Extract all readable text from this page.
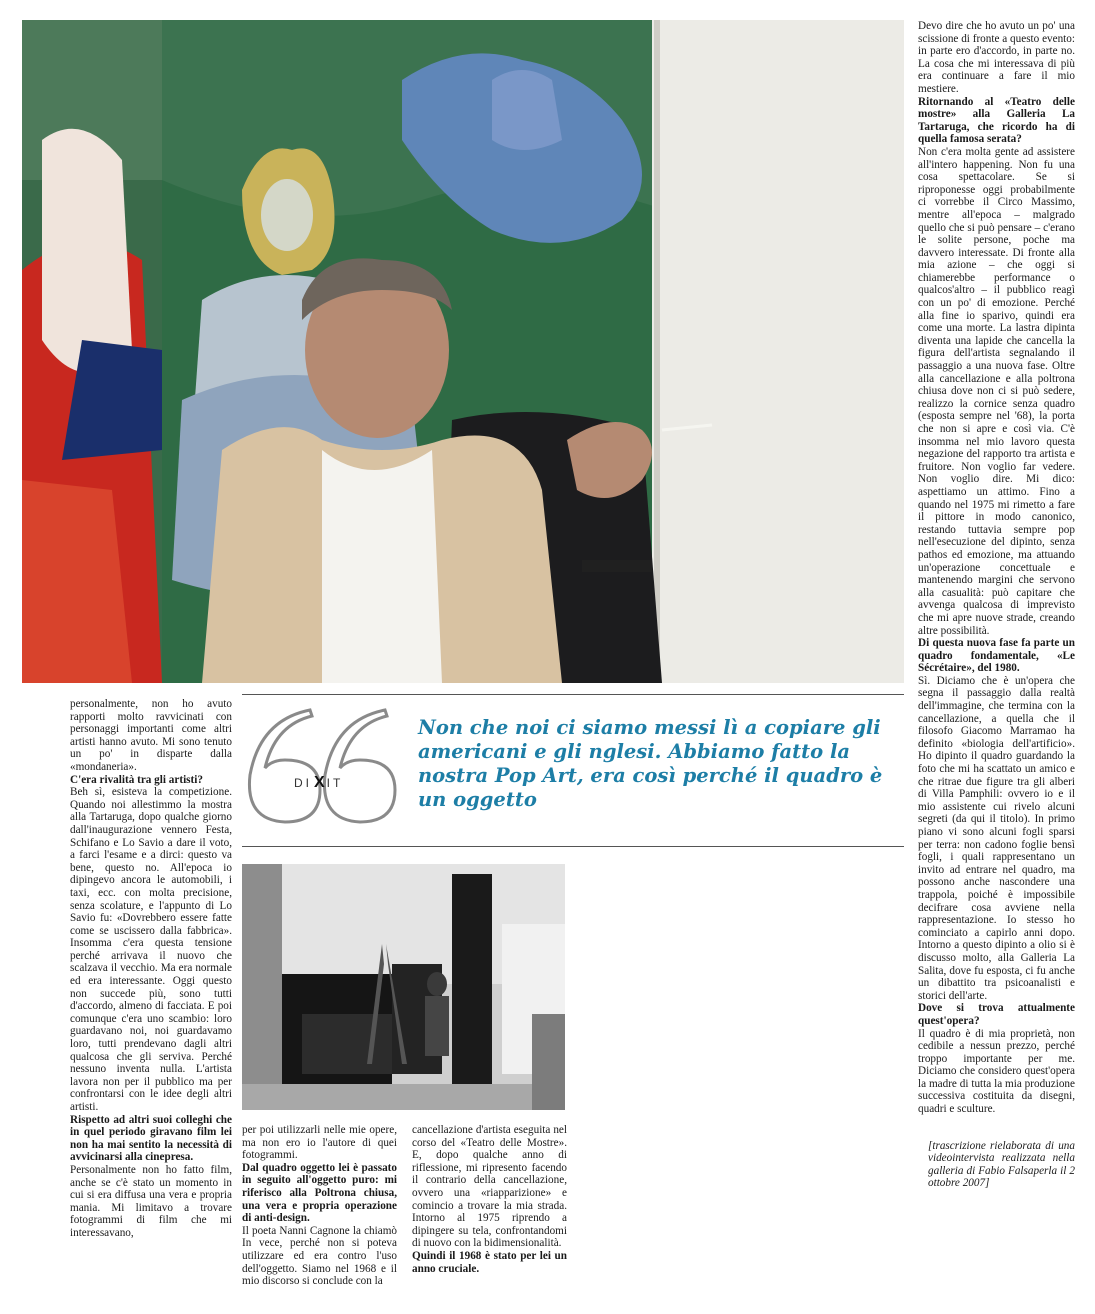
DI X IT
Non che noi ci siamo messi lì a copiare gli americani e gli nglesi. Abbiamo fatto la nostra Pop Art, era così perché il quadro è un oggetto

personalmente, non ho avuto rapporti molto ravvicinati con personaggi importanti come altri artisti hanno avuto. Mi sono tenuto un po' in disparte dalla «mondaneria».

C'era rivalità tra gli artisti?

Beh sì, esisteva la competizione. Quando noi allestimmo la mostra alla Tartaruga, dopo qualche giorno dall'inaugurazione vennero Festa, Schifano e Lo Savio a dare il voto, a farci l'esame e a dirci: questo va bene, questo no. All'epoca io dipingevo ancora le automobili, i taxi, ecc. con molta precisione, senza scolature, e l'appunto di Lo Savio fu: «Dovrebbero essere fatte come se uscissero dalla fabbrica». Insomma c'era questa tensione perché arrivava il nuovo che scalzava il vecchio. Ma era normale ed era interessante. Oggi questo non succede più, sono tutti d'accordo, almeno di facciata. E poi comunque c'era uno scambio: loro guardavano noi, noi guardavamo loro, tutti prendevano dagli altri qualcosa che gli serviva. Perché nessuno inventa nulla. L'artista lavora non per il pubblico ma per confrontarsi con le idee degli altri artisti.

Rispetto ad altri suoi colleghi che in quel periodo giravano film lei non ha mai sentito la necessità di avvicinarsi alla cinepresa.

Personalmente non ho fatto film, anche se c'è stato un momento in cui si era diffusa una vera e propria mania. Mi limitavo a trovare fotogrammi di film che mi interessavano,

per poi utilizzarli nelle mie opere, ma non ero io l'autore di quei fotogrammi.

Dal quadro oggetto lei è passato in seguito all'oggetto puro: mi riferisco alla Poltrona chiusa, una vera e propria operazione di anti-design.

Il poeta Nanni Cagnone la chiamò In vece, perché non si poteva utilizzare ed era contro l'uso dell'oggetto. Siamo nel 1968 e il mio discorso si conclude con la

cancellazione d'artista eseguita nel corso del «Teatro delle Mostre». E, dopo qualche anno di riflessione, mi ripresento facendo il contrario della cancellazione, ovvero una «riapparizione» e comincio a trovare la mia strada. Intorno al 1975 riprendo a dipingere su tela, confrontandomi di nuovo con la bidimensionalità.

Quindi il 1968 è stato per lei un anno cruciale.

Devo dire che ho avuto un po' una scissione di fronte a questo evento: in parte ero d'accordo, in parte no. La cosa che mi interessava di più era continuare a fare il mio mestiere.

Ritornando al «Teatro delle mostre» alla Galleria La Tartaruga, che ricordo ha di quella famosa serata?

Non c'era molta gente ad assistere all'intero happening. Non fu una cosa spettacolare. Se si riproponesse oggi probabilmente ci vorrebbe il Circo Massimo, mentre all'epoca – malgrado quello che si può pensare – c'erano le solite persone, poche ma davvero interessate. Di fronte alla mia azione – che oggi si chiamerebbe performance o qualcos'altro – il pubblico reagì con un po' di emozione. Perché alla fine io sparivo, quindi era come una morte. La lastra dipinta diventa una lapide che cancella la figura dell'artista segnalando il passaggio a una nuova fase. Oltre alla cancellazione e alla poltrona chiusa dove non ci si può sedere, realizzo la cornice senza quadro (esposta sempre nel '68), la porta che non si apre e così via. C'è insomma nel mio lavoro questa negazione del rapporto tra artista e fruitore. Non voglio far vedere. Non voglio dire. Mi dico: aspettiamo un attimo. Fino a quando nel 1975 mi rimetto a fare il pittore in modo canonico, restando tuttavia sempre pop nell'esecuzione del dipinto, senza pathos ed emozione, ma attuando un'operazione concettuale e mantenendo margini che servono alla casualità: può capitare che avvenga qualcosa di imprevisto che mi apre nuove strade, creando altre possibilità.

Di questa nuova fase fa parte un quadro fondamentale, «Le Sécrétaire», del 1980.

Sì. Diciamo che è un'opera che segna il passaggio dalla realtà dell'immagine, che termina con la cancellazione, a quella che il filosofo Giacomo Marramao ha definito «biologia dell'artificio». Ho dipinto il quadro guardando la foto che mi ha scattato un amico e che ritrae due figure tra gli alberi di Villa Pamphili: ovvero io e il mio assistente cui rivelo alcuni segreti (da qui il titolo). In primo piano vi sono alcuni fogli sparsi per terra: non cadono foglie bensì fogli, i quali rappresentano un invito ad entrare nel quadro, ma possono anche nascondere una trappola, poiché è impossibile decifrare cosa avviene nella rappresentazione. Io stesso ho cominciato a capirlo anni dopo. Intorno a questo dipinto a olio si è discusso molto, alla Galleria La Salita, dove fu esposta, ci fu anche un dibattito tra psicoanalisti e storici dell'arte.

Dove si trova attualmente quest'opera?

Il quadro è di mia proprietà, non cedibile a nessun prezzo, perché troppo importante per me. Diciamo che considero quest'opera la madre di tutta la mia produzione successiva costituita da disegni, quadri e sculture.

[trascrizione rielaborata di una videointervista realizzata nella galleria di Fabio Falsaperla il 2 ottobre 2007]
